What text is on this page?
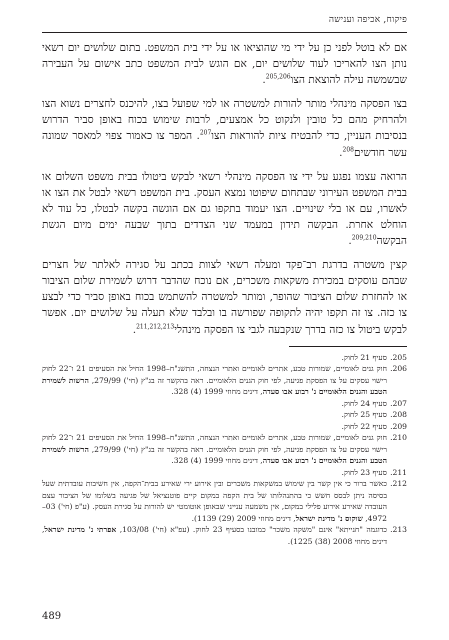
פיקוח, אכיפה וענישה

אם לא בוטל לפני כן על ידי מי שהוציאו או על ידי בית המשפט. בתום שלושים יום רשאי נותן הצו להאריכו לעוד שלושים יום, אם הוגש לבית המשפט כתב אישום על העבירה שבשמשה עילה להוצאת הצו$^{205,206}$.

בצו הפסקה מינהלי מותר להורות למשטרה או למי שפועל בצו, להיכנס לחצרים נשוא הצו ולהרחיק מהם כל טובין ולנקוט כל אמצעים, לרבות שימוש בכוח באופן סביר הדרוש בנסיבות העניין, כדי להבטיח ציות להוראות הצו$^{207}$. המפר צו כאמור צפוי למאסר שמונה עשר חודשים$^{208}$.

הרואה עצמו נפגע על ידי צו הפסקה מינהלי רשאי לבקש ביטולו בבית משפט השלום או בבית המשפט העירוני שבתחום שיפוטו נמצא העסק. בית המשפט רשאי לבטל את הצו או לאשרו, עם או בלי שינויים. הצו יעמוד בתקפו גם אם הוגשה בקשה לבטלו, כל עוד לא הוחלט אחרת. הבקשה תידון במעמד שני הצדדים בתוך שבעה ימים מיום הגשת הבקשה$^{209,210}$.

קצין משטרה בדרגת רב־פקד ומעלה רשאי לצוות בכתב על סגירה לאלתר של חצרים שבהם עוסקים במכירת משקאות משכרים, אם נוכח שהדבר דרוש לשמירת שלום הציבור או להחזרת שלום הציבור שהופר, ומותר למשטרה להשתמש בכוח באופן סביר כדי לבצע צו כזה. צו זה תקפו יהיה לתקופה שפורשה בו ובלבד שלא תעלה על שלושים יום. אפשר לבקש ביטול צו כזה בדרך שנקבעה לגבי צו הפסקה מינהלי$^{211,212,213}$.

205.
סעיף 21 לחוק.
206.
חוק גנים לאומיים, שמורות טבע, אתרים לאומיים ואתרי הנצחה, התשנ"ח–1998 החיל את הסעיפים 21 ו־22 לחוק רישוי עסקים על צו הפסקת פגיעה, לפי חוק הגנים הלאומיים. ראה בהקשר זה בג"ץ (חי') 279/99, הרשות לשמירת הטבע והגנים הלאומיים נ' רבוע אבו סעדה, דינים מחוזי 1999 (4) 328.
207.
סעיף 24 לחוק.
208.
סעיף 25 לחוק.
209.
סעיף 22 לחוק.
210.
חוק גנים לאומיים, שמורות טבע, אתרים לאומיים ואתרי הנצחה, התשנ"ח–1998 החיל את הסעיפים 21 ו־22 לחוק רישוי עסקים על צו הפסקת פגיעה, לפי חוק הגנים הלאומיים. ראה בהקשר זה בג"ץ (חי') 279/99, הרשות לשמירת הטבע והגנים הלאומיים נ' רבוע אבו סעדה, דינים מחוזי 1999 (4) 328.
211.
סעיף 23 לחוק.
212.
כאשר ברור כי אין קשר בין שימוש במשקאות משכרים ובין אירוע ירי שאירע בבית־הקפה, אין חשיבות עובדתית שעל בסיסה ניתן לבסס חשש כי בהתנהלותו של בית הקפה במקום קיים פוטנציאל של פגיעה בשלומו של הציבור עצם העובדה שאירע אירוע פלילי במקום, אין משמעה ענייני שבאופן אוטומטי יש להורות על סגירת העסק. (ע"פ (חי') 03–4972, שוקוס נ' מדינת ישראל, דינים מחוזי 2009 (29) 1139).
213.
כדוגמה "חנייתא" אינם "משקה משכר" כמובנו בסעיף 23 לחוק. (עפ"א (חי') 103/08, אפרתי נ' מדינת ישראל, דינים מחוזי 2008 (38) 1225).
489
